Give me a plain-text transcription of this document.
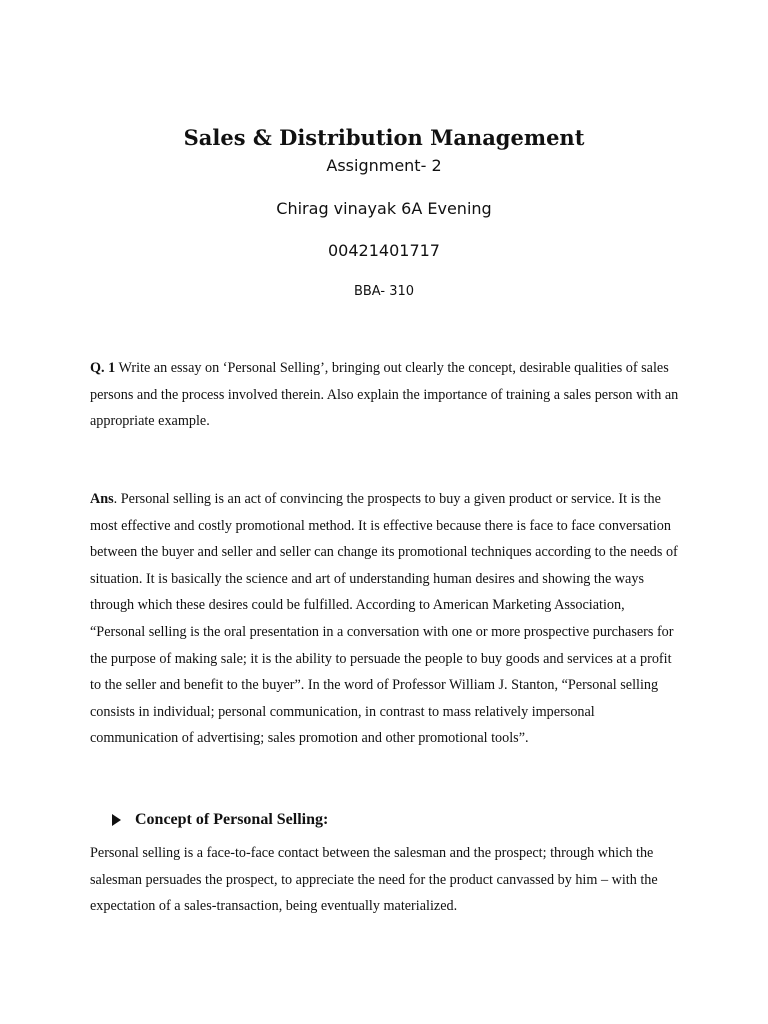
Sales & Distribution Management

Assignment- 2

Chirag vinayak 6A Evening

00421401717

BBA- 310

Q. 1 Write an essay on ‘Personal Selling’, bringing out clearly the concept, desirable qualities of sales persons and the process involved therein. Also explain the importance of training a sales person with an appropriate example.

Ans. Personal selling is an act of convincing the prospects to buy a given product or service. It is the most effective and costly promotional method. It is effective because there is face to face conversation between the buyer and seller and seller can change its promotional techniques according to the needs of situation. It is basically the science and art of understanding human desires and showing the ways through which these desires could be fulfilled. According to American Marketing Association, “Personal selling is the oral presentation in a conversation with one or more prospective purchasers for the purpose of making sale; it is the ability to persuade the people to buy goods and services at a profit to the seller and benefit to the buyer”. In the word of Professor William J. Stanton, “Personal selling consists in individual; personal communication, in contrast to mass relatively impersonal communication of advertising; sales promotion and other promotional tools”.

Concept of Personal Selling:

Personal selling is a face-to-face contact between the salesman and the prospect; through which the salesman persuades the prospect, to appreciate the need for the product canvassed by him – with the expectation of a sales-transaction, being eventually materialized.
